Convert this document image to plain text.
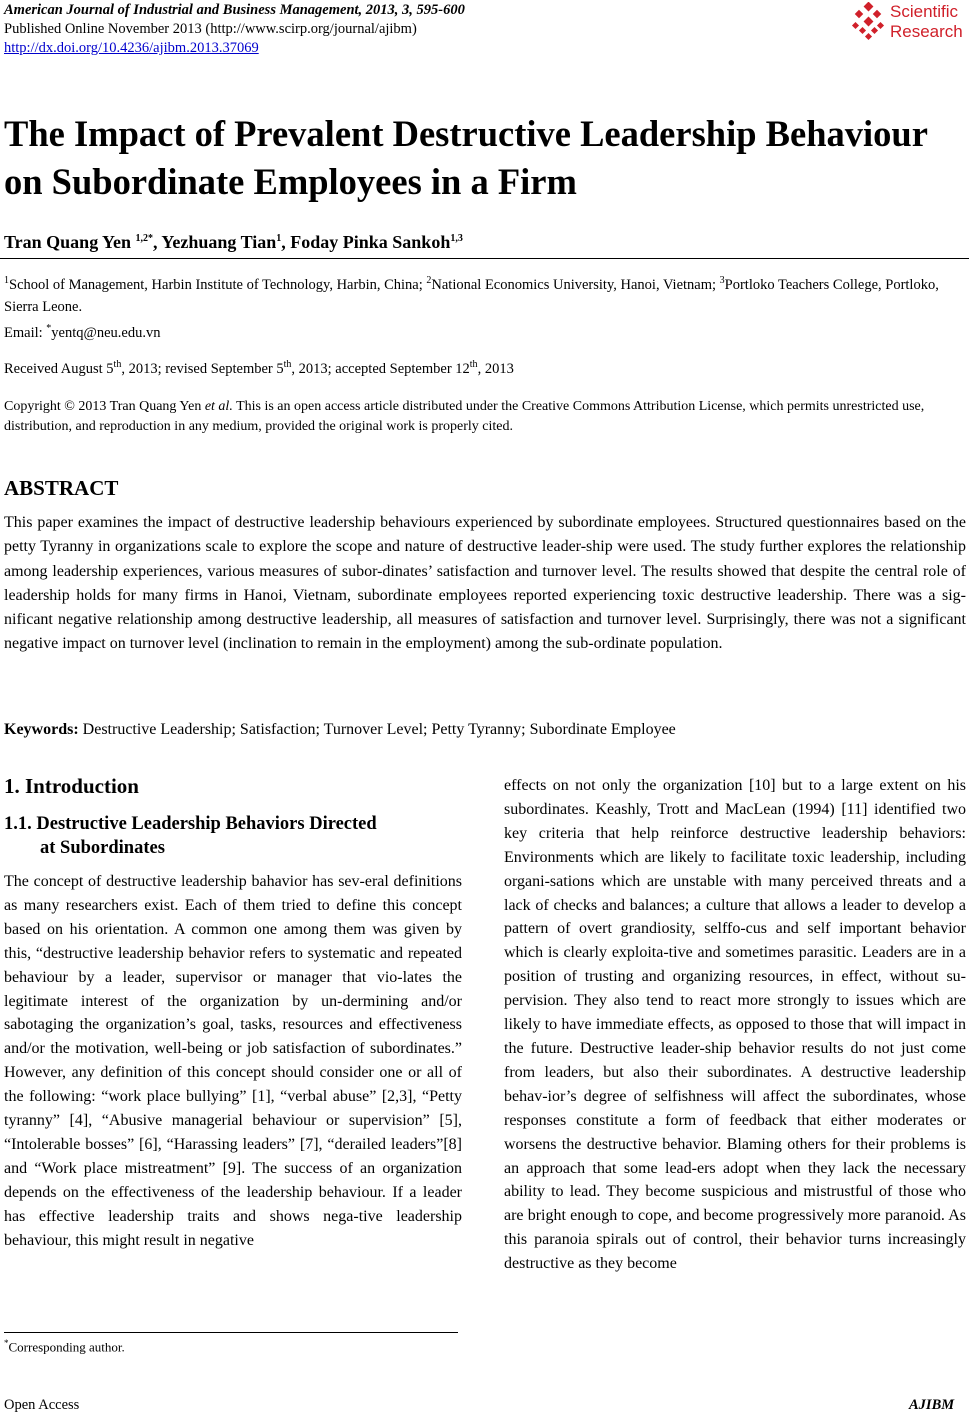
American Journal of Industrial and Business Management, 2013, 3, 595-600
Published Online November 2013 (http://www.scirp.org/journal/ajibm)
http://dx.doi.org/10.4236/ajibm.2013.37069
Scientific
Research
The Impact of Prevalent Destructive Leadership Behaviour on Subordinate Employees in a Firm
Tran Quang Yen $^{1,2*}$, Yezhuang Tian$^1$, Foday Pinka Sankoh$^{1,3}$
$^1$School of Management, Harbin Institute of Technology, Harbin, China; $^2$National Economics University, Hanoi, Vietnam; $^3$Portloko Teachers College, Portloko, Sierra Leone.
Email: *yentq@neu.edu.vn
Received August 5th, 2013; revised September 5th, 2013; accepted September 12th, 2013
Copyright © 2013 Tran Quang Yen et al. This is an open access article distributed under the Creative Commons Attribution License, which permits unrestricted use, distribution, and reproduction in any medium, provided the original work is properly cited.
ABSTRACT
This paper examines the impact of destructive leadership behaviours experienced by subordinate employees. Structured questionnaires based on the petty Tyranny in organizations scale to explore the scope and nature of destructive leader-ship were used. The study further explores the relationship among leadership experiences, various measures of subor-dinates’ satisfaction and turnover level. The results showed that despite the central role of leadership holds for many firms in Hanoi, Vietnam, subordinate employees reported experiencing toxic destructive leadership. There was a sig-nificant negative relationship among destructive leadership, all measures of satisfaction and turnover level. Surprisingly, there was not a significant negative impact on turnover level (inclination to remain in the employment) among the sub-ordinate population.
Keywords: Destructive Leadership; Satisfaction; Turnover Level; Petty Tyranny; Subordinate Employee
1. Introduction
1.1. Destructive Leadership Behaviors Directed
at Subordinates
The concept of destructive leadership bahavior has sev-eral definitions as many researchers exist. Each of them tried to define this concept based on his orientation. A common one among them was given by this, “destructive leadership behavior refers to systematic and repeated behaviour by a leader, supervisor or manager that vio-lates the legitimate interest of the organization by un-dermining and/or sabotaging the organization’s goal, tasks, resources and effectiveness and/or the motivation, well-being or job satisfaction of subordinates.” However, any definition of this concept should consider one or all of the following: “work place bullying” [1], “verbal abuse” [2,3], “Petty tyranny” [4], “Abusive managerial behaviour or supervision” [5], “Intolerable bosses” [6], “Harassing leaders” [7], “derailed leaders”[8] and “Work place mistreatment” [9]. The success of an organization depends on the effectiveness of the leadership behaviour. If a leader has effective leadership traits and shows nega-tive leadership behaviour, this might result in negative
effects on not only the organization [10] but to a large extent on his subordinates. Keashly, Trott and MacLean (1994) [11] identified two key criteria that help reinforce destructive leadership behaviors: Environments which are likely to facilitate toxic leadership, including organi-sations which are unstable with many perceived threats and a lack of checks and balances; a culture that allows a leader to develop a pattern of overt grandiosity, selffo-cus and self important behavior which is clearly exploita-tive and sometimes parasitic. Leaders are in a position of trusting and organizing resources, in effect, without su-pervision. They also tend to react more strongly to issues which are likely to have immediate effects, as opposed to those that will impact in the future. Destructive leader-ship behavior results do not just come from leaders, but also their subordinates. A destructive leadership behav-ior’s degree of selfishness will affect the subordinates, whose responses constitute a form of feedback that either moderates or worsens the destructive behavior. Blaming others for their problems is an approach that some lead-ers adopt when they lack the necessary ability to lead. They become suspicious and mistrustful of those who are bright enough to cope, and become progressively more paranoid. As this paranoia spirals out of control, their behavior turns increasingly destructive as they become
*Corresponding author.
Open Access	AJIBM
